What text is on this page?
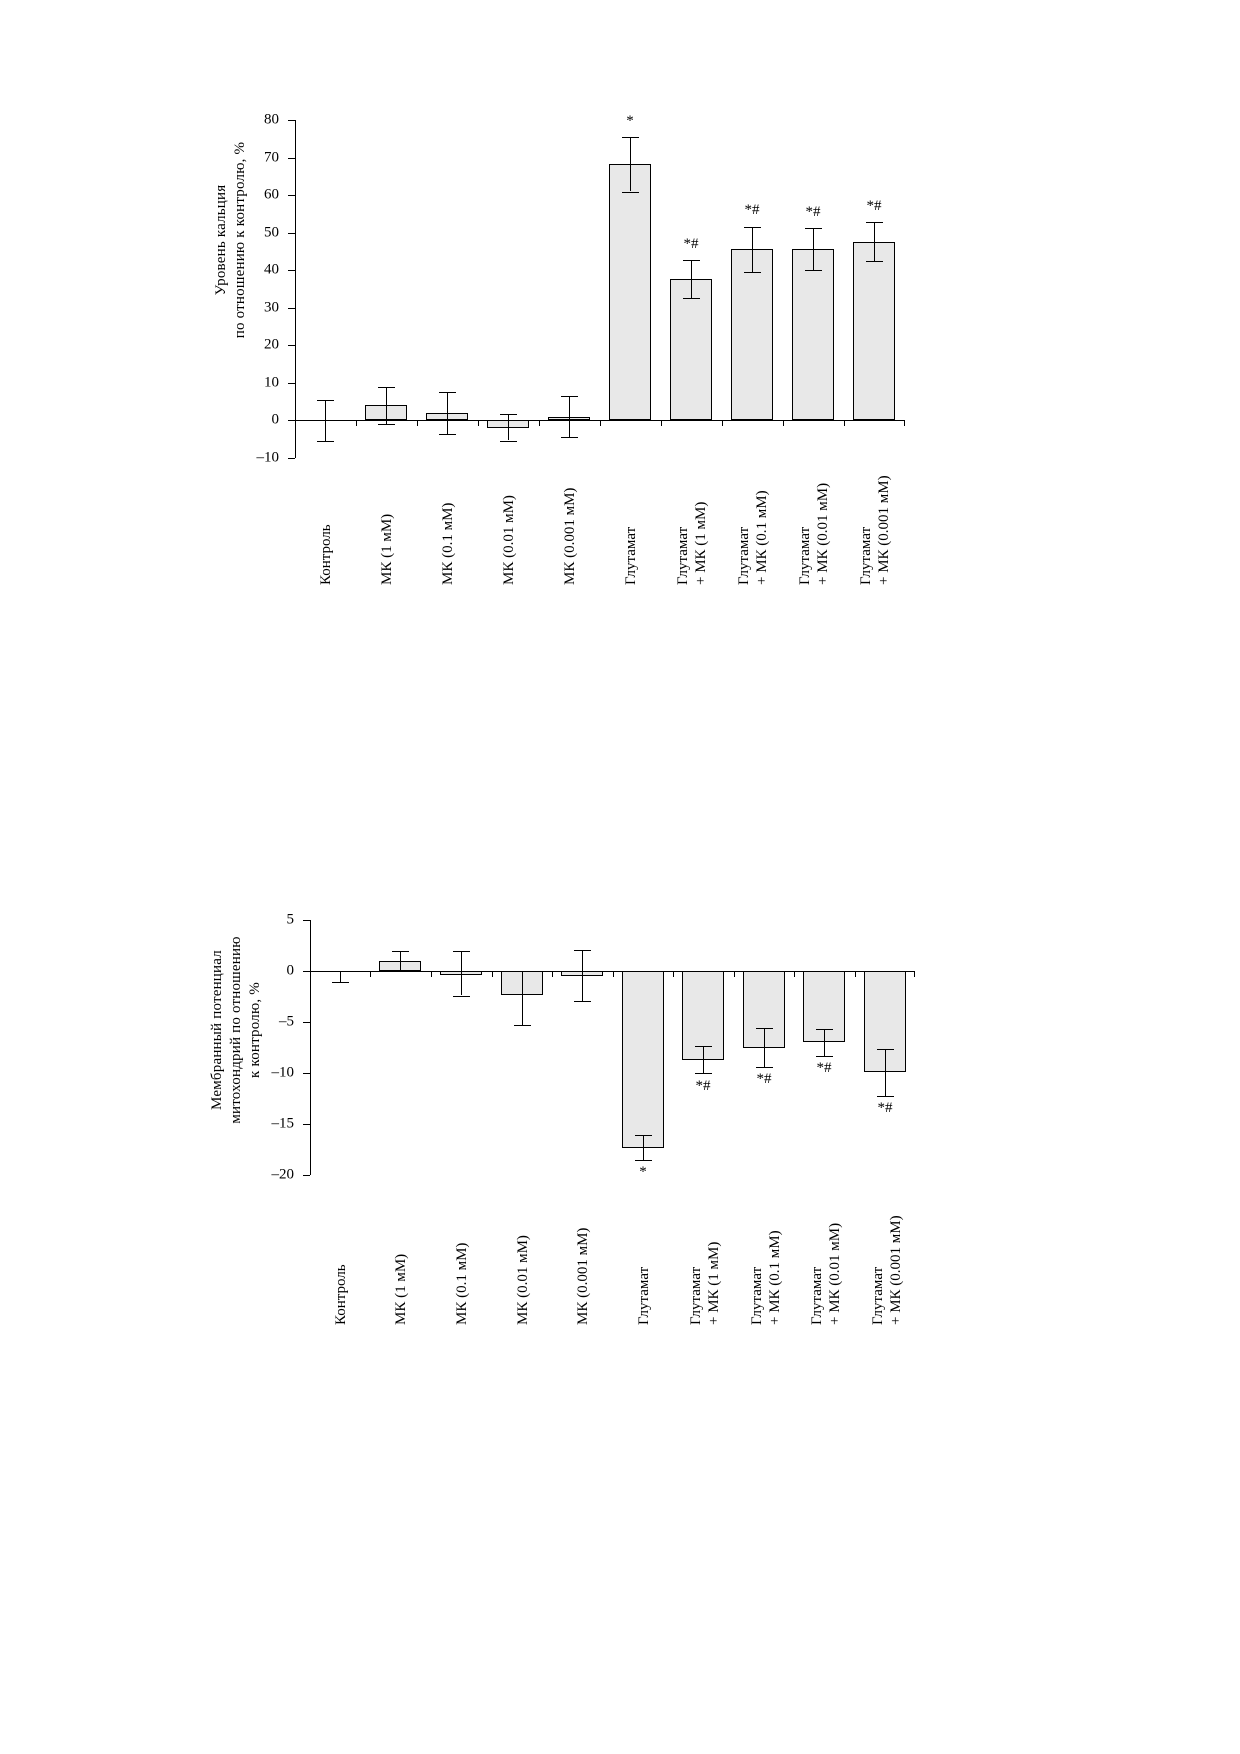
Уровень кальция по отношению к контролю, %
80
70
60
50
40
30
20
10
0
–10
*
*#
*#	*#	*#
Контроль	МК (1 мМ)	МК (0.1 мМ)	МК (0.01 мМ)	МК (0.001 мМ)	Глутамат Глутамат + МК (1 мМ) Глутамат + МК (0.1 мМ) Глутамат + МК (0.01 мМ) Глутамат + МК (0.001 мМ)
Мембранный потенциал митохондрий по отношению к контролю, %
5
0
–5
–10
–15
–20	*
*#	*#
*#
*#
Контроль	МК (1 мМ)	МК (0.1 мМ)	МК (0.01 мМ)	МК (0.001 мМ)	Глутамат Глутамат + МК (1 мМ) Глутамат + МК (0.1 мМ) Глутамат + МК (0.01 мМ) Глутамат + МК (0.001 мМ)
